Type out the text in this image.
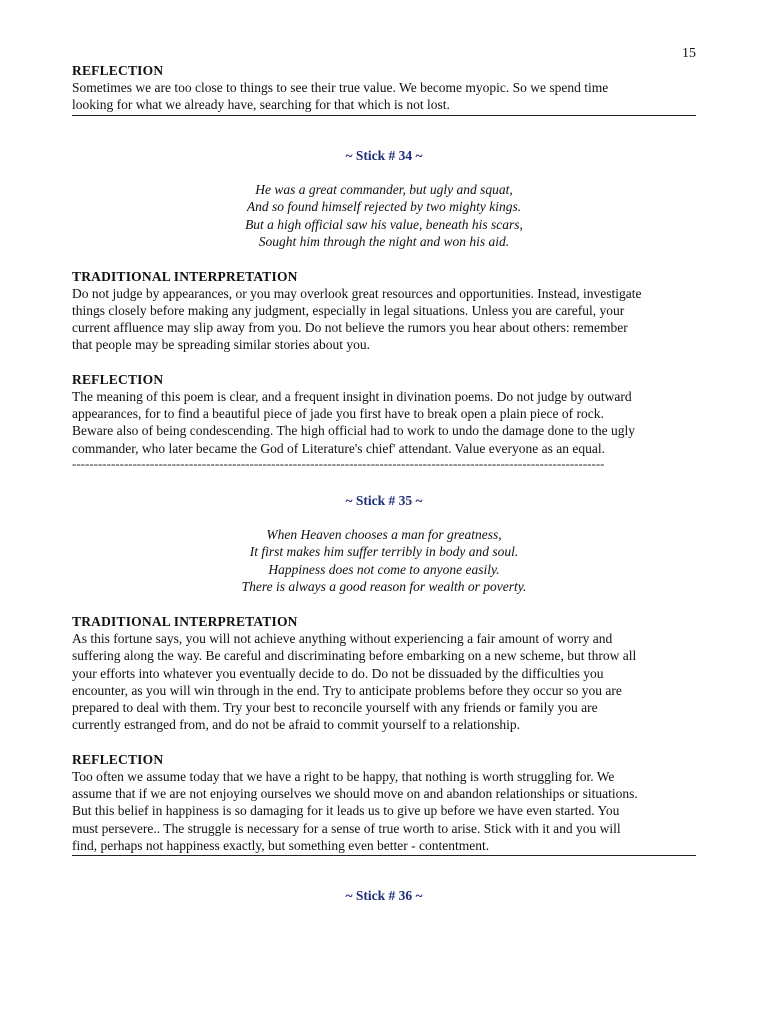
15
REFLECTION
Sometimes we are too close to things to see their true value. We become myopic. So we spend time
looking for what we already have, searching for that which is not lost.
~ Stick # 34 ~
He was a great commander, but ugly and squat,
And so found himself rejected by two mighty kings.
But a high official saw his value, beneath his scars,
Sought him through the night and won his aid.
TRADITIONAL INTERPRETATION
Do not judge by appearances, or you may overlook great resources and opportunities. Instead, investigate
things closely before making any judgment, especially in legal situations. Unless you are careful, your
current affluence may slip away from you. Do not believe the rumors you hear about others: remember
that people may be spreading similar stories about you.
REFLECTION
The meaning of this poem is clear, and a frequent insight in divination poems. Do not judge by outward
appearances, for to find a beautiful piece of jade you first have to break open a plain piece of rock.
Beware also of being condescending. The high official had to work to undo the damage done to the ugly
commander, who later became the God of Literature's chief' attendant. Value everyone as an equal.
---------------------------------------------------------------------------------------------------------------------------
~ Stick # 35 ~
When Heaven chooses a man for greatness,
It first makes him suffer terribly in body and soul.
Happiness does not come to anyone easily.
There is always a good reason for wealth or poverty.
TRADITIONAL INTERPRETATION
As this fortune says, you will not achieve anything without experiencing a fair amount of worry and
suffering along the way. Be careful and discriminating before embarking on a new scheme, but throw all
your efforts into whatever you eventually decide to do. Do not be dissuaded by the difficulties you
encounter, as you will win through in the end. Try to anticipate problems before they occur so you are
prepared to deal with them. Try your best to reconcile yourself with any friends or family you are
currently estranged from, and do not be afraid to commit yourself to a relationship.
REFLECTION
Too often we assume today that we have a right to be happy, that nothing is worth struggling for. We
assume that if we are not enjoying ourselves we should move on and abandon relationships or situations.
But this belief in happiness is so damaging for it leads us to give up before we have even started. You
must persevere.. The struggle is necessary for a sense of true worth to arise. Stick with it and you will
find, perhaps not happiness exactly, but something even better - contentment.
~ Stick # 36 ~
